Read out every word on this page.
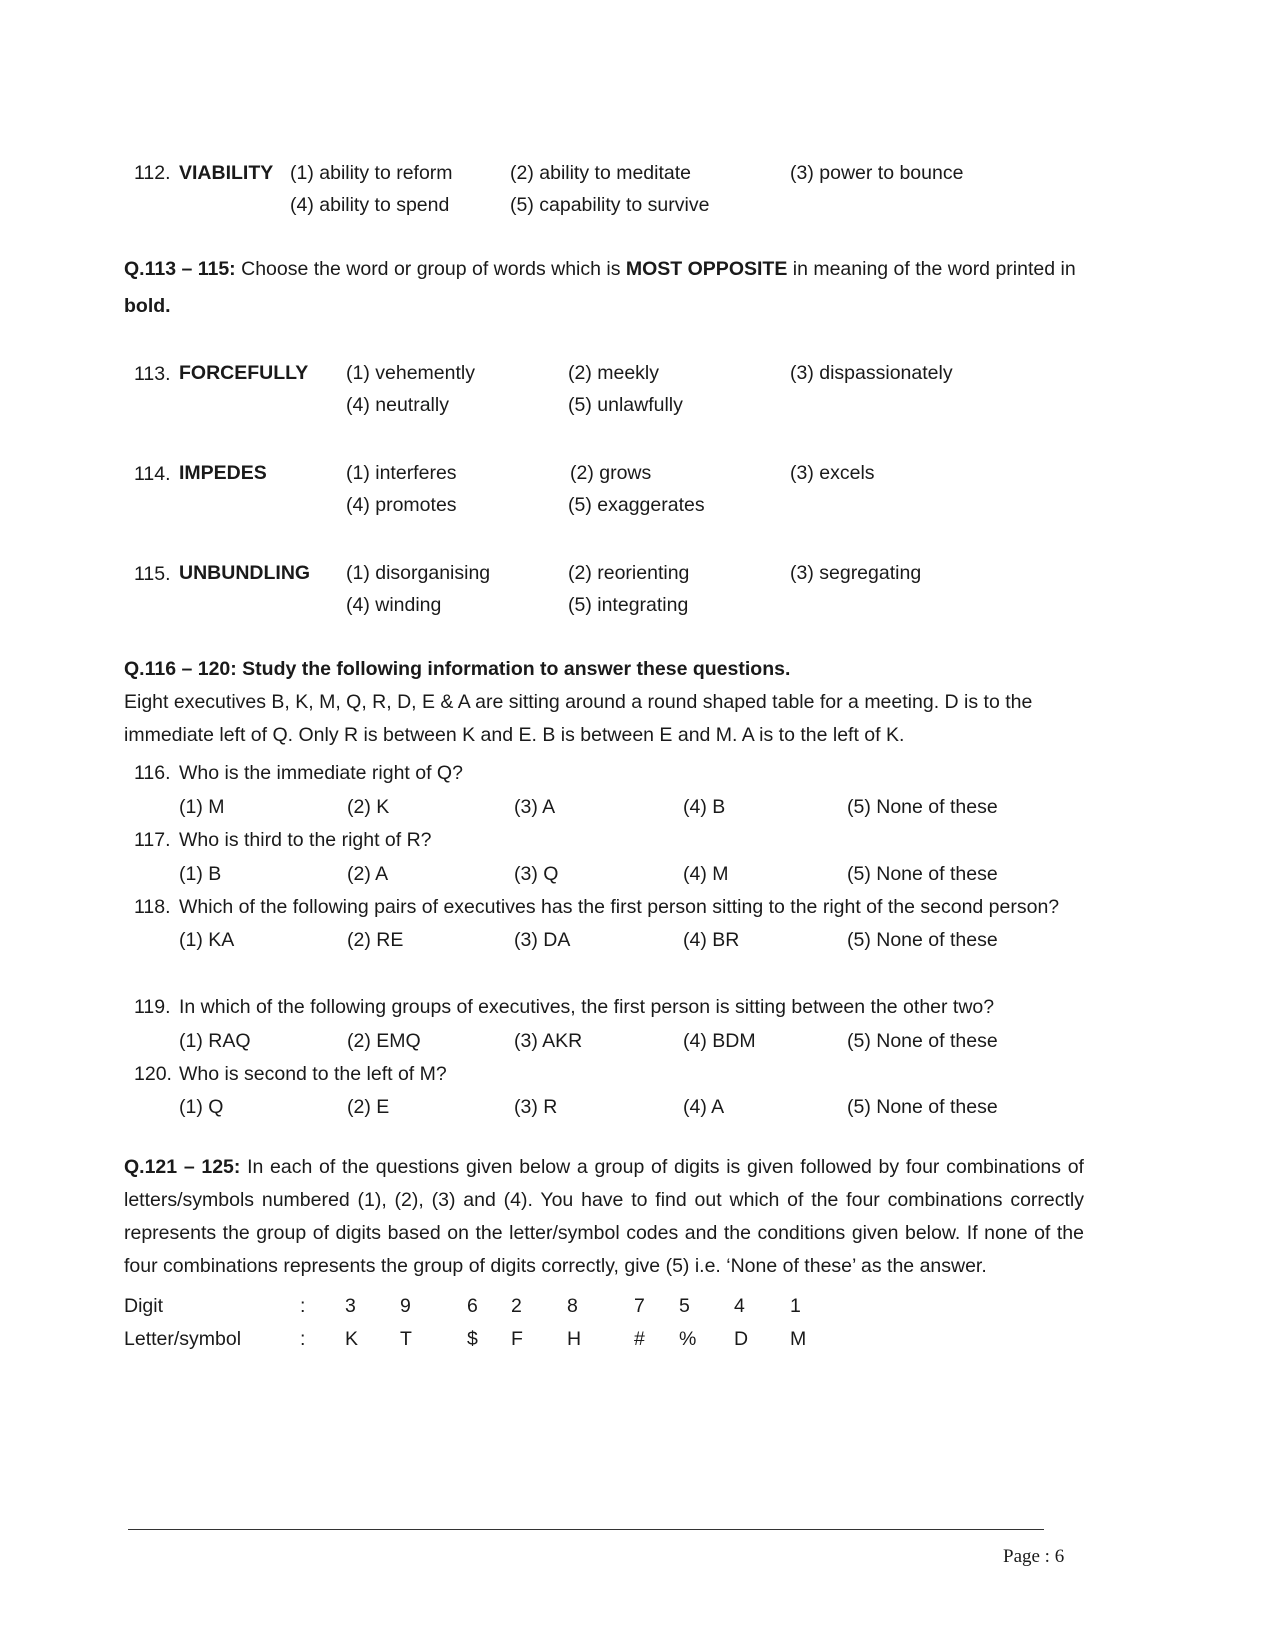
112. VIABILITY (1) ability to reform	(2) ability to meditate	(3) power to bounce
(4) ability to spend	(5) capability to survive
Q.113 – 115: Choose the word or group of words which is MOST OPPOSITE in meaning of the word printed in bold.
113. FORCEFULLY (1) vehemently	(2) meekly	(3) dispassionately
(4) neutrally	(5) unlawfully
114. IMPEDES	(1) interferes	(2) grows	(3) excels
(4) promotes	(5) exaggerates
115. UNBUNDLING (1) disorganising	(2) reorienting	(3) segregating
(4) winding	(5) integrating
Q.116 – 120: Study the following information to answer these questions.
Eight executives B, K, M, Q, R, D, E & A are sitting around a round shaped table for a meeting. D is to the immediate left of Q. Only R is between K and E. B is between E and M. A is to the left of K.
116. Who is the immediate right of Q?
(1) M	(2) K	(3) A	(4) B	(5) None of these
117. Who is third to the right of R?
(1) B	(2) A	(3) Q	(4) M	(5) None of these
118. Which of the following pairs of executives has the first person sitting to the right of the second person?
(1) KA	(2) RE	(3) DA	(4) BR	(5) None of these
119. In which of the following groups of executives, the first person is sitting between the other two?
(1) RAQ	(2) EMQ	(3) AKR	(4) BDM	(5) None of these
120. Who is second to the left of M?
(1) Q	(2) E	(3) R	(4) A	(5) None of these
Q.121 – 125: In each of the questions given below a group of digits is given followed by four combinations of letters/symbols numbered (1), (2), (3) and (4). You have to find out which of the four combinations correctly represents the group of digits based on the letter/symbol codes and the conditions given below. If none of the four combinations represents the group of digits correctly, give (5) i.e. ‘None of these’ as the answer.
Digit	: 3 9	6 2 8	7 5 4 1
Letter/symbol	: K T	$ F H	# % D M
Page : 6
